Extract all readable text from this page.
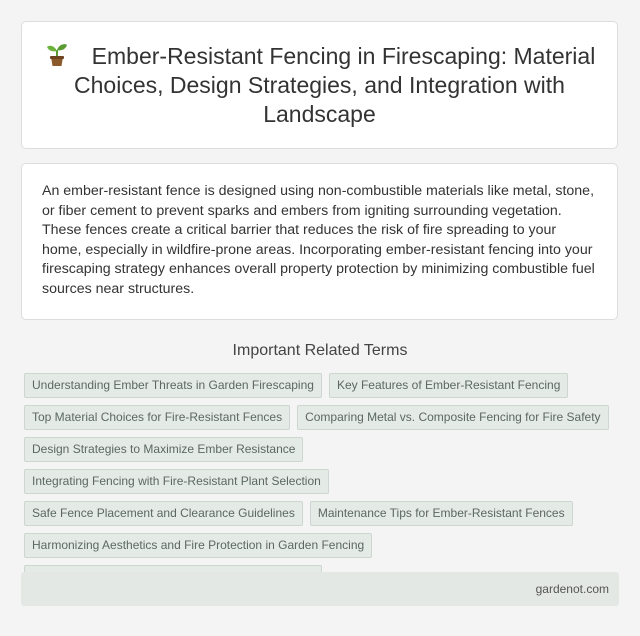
Ember-Resistant Fencing in Firescaping: Material Choices, Design Strategies, and Integration with Landscape

An ember-resistant fence is designed using non-combustible materials like metal, stone, or fiber cement to prevent sparks and embers from igniting surrounding vegetation. These fences create a critical barrier that reduces the risk of fire spreading to your home, especially in wildfire-prone areas. Incorporating ember-resistant fencing into your firescaping strategy enhances overall property protection by minimizing combustible fuel sources near structures.

Important Related Terms
Understanding Ember Threats in Garden Firescaping	Key Features of Ember-Resistant Fencing
Top Material Choices for Fire-Resistant Fences	Comparing Metal vs. Composite Fencing for Fire Safety
Design Strategies to Maximize Ember Resistance
Integrating Fencing with Fire-Resistant Plant Selection
Safe Fence Placement and Clearance Guidelines	Maintenance Tips for Ember-Resistant Fences
Harmonizing Aesthetics and Fire Protection in Garden Fencing
gardenot.com
